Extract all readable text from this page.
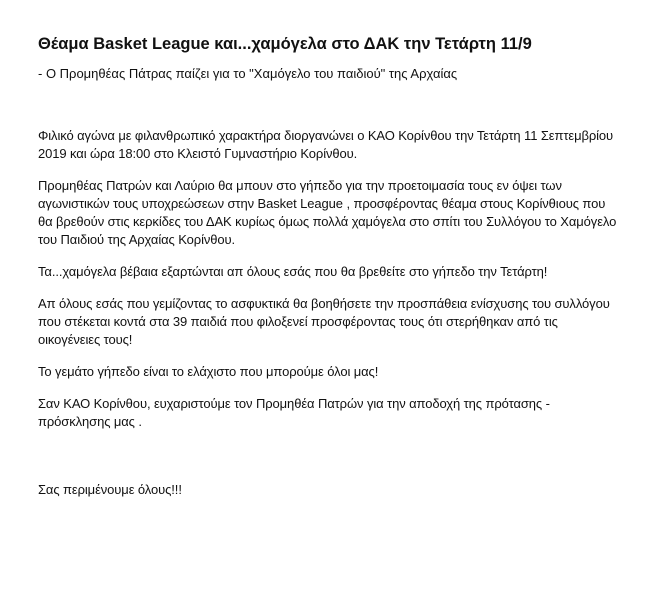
Θέαμα Basket League και...χαμόγελα στο ΔΑΚ την Τετάρτη 11/9

- Ο Προμηθέας Πάτρας παίζει για το "Χαμόγελο του παιδιού" της Αρχαίας

Φιλικό αγώνα με φιλανθρωπικό χαρακτήρα διοργανώνει ο ΚΑΟ Κορίνθου την Τετάρτη 11 Σεπτεμβρίου 2019 και ώρα 18:00 στο Κλειστό Γυμναστήριο Κορίνθου.

Προμηθέας Πατρών και Λαύριο θα μπουν στο γήπεδο για την προετοιμασία τους εν όψει των αγωνιστικών τους υποχρεώσεων στην Basket League , προσφέροντας θέαμα στους Κορίνθιους που θα βρεθούν στις κερκίδες του ΔΑΚ κυρίως όμως πολλά χαμόγελα στο σπίτι του Συλλόγου το Χαμόγελο του Παιδιού της Αρχαίας Κορίνθου.

Τα...χαμόγελα βέβαια εξαρτώνται απ όλους εσάς που θα βρεθείτε στο γήπεδο την Τετάρτη!

Απ όλους εσάς που γεμίζοντας το ασφυκτικά θα βοηθήσετε την προσπάθεια ενίσχυσης του συλλόγου που στέκεται κοντά στα 39 παιδιά που φιλοξενεί προσφέροντας τους ότι στερήθηκαν από τις οικογένειες τους!

Το γεμάτο γήπεδο είναι το ελάχιστο που μπορούμε όλοι μας!

Σαν ΚΑΟ Κορίνθου, ευχαριστούμε τον Προμηθέα Πατρών για την αποδοχή της πρότασης - πρόσκλησης μας .

Σας περιμένουμε όλους!!!
